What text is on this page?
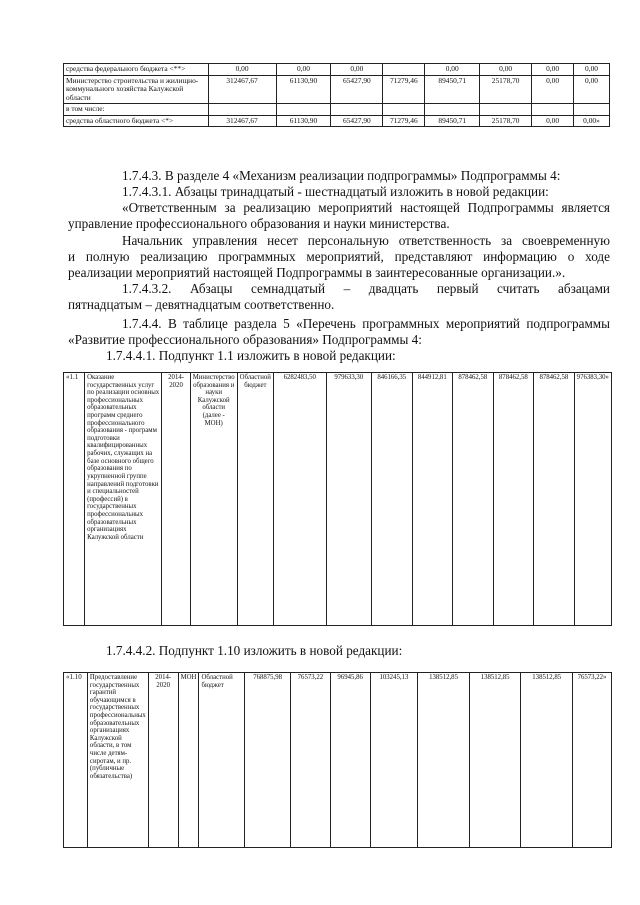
средства федерального бюджета <**>	0,00	0,00	0,00		0,00	0,00	0,00	0,00
Министерство строительства и жилищно-коммунального хозяйства Калужской области	312467,67	61130,90	65427,90	71279,46	89450,71	25178,70	0,00	0,00
в том числе:								
средства областного бюджета <*>	312467,67	61130,90	65427,90	71279,46	89450,71	25178,70	0,00	0,00»

1.7.4.3. В разделе 4 «Механизм реализации подпрограммы» Подпрограммы 4:

1.7.4.3.1. Абзацы тринадцатый - шестнадцатый изложить в новой редакции:

«Ответственным за реализацию мероприятий настоящей Подпрограммы является

управление профессионального образования и науки министерства.

Начальник управления несет персональную ответственность за своевременную

и полную реализацию программных мероприятий, представляют информацию о ходе

реализации мероприятий настоящей Подпрограммы в заинтересованные организации.».

1.7.4.3.2. Абзацы семнадцатый – двадцать первый считать абзацами

пятнадцатым – девятнадцатым соответственно.

1.7.4.4. В таблице раздела 5 «Перечень программных мероприятий подпрограммы

«Развитие профессионального образования» Подпрограммы 4:

1.7.4.4.1. Подпункт 1.1 изложить в новой редакции:

«1.1	Оказание государственных услуг по реализации основных профессиональных образовательных программ среднего профессионального образования - программ подготовки квалифицированных рабочих, служащих на базе основного общего образования по укрупненной группе направлений подготовки и специальностей (профессий) в государственных профессиональных образовательных организациях Калужской области	2014-2020	Министерство образования и науки Калужской области (далее - МОН)	Областной бюджет	6282483,50	979633,30	846166,35	844912,81	878462,58	878462,58	878462,58	976383,30»

1.7.4.4.2. Подпункт 1.10 изложить в новой редакции:

«1.10	Предоставление государственных гарантий обучающимся в государственных профессиональных образовательных организациях Калужской области, в том числе детям-сиротам, и пр. (публичные обязательства)	2014-2020	МОН	Областной бюджет	768875,98	76573,22	96945,86	103245,13	138512,85	138512,85	138512,85	76573,22»
